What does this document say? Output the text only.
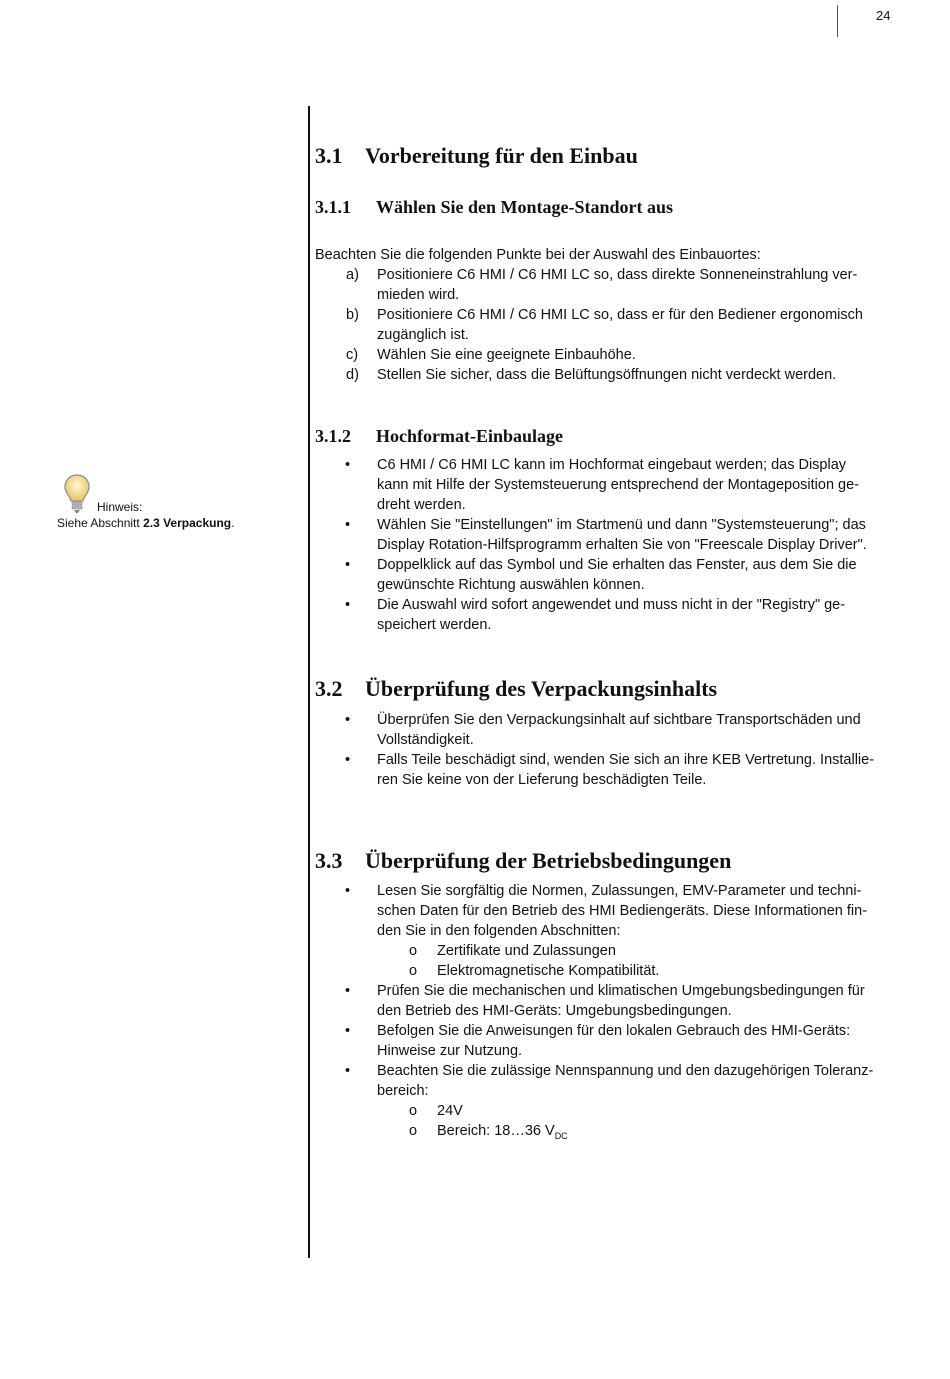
24
Hinweis:
Siehe Abschnitt 2.3 Verpackung.
3.1 Vorbereitung für den Einbau
3.1.1 Wählen Sie den Montage-Standort aus

Beachten Sie die folgenden Punkte bei der Auswahl des Einbauortes:

a) Positioniere C6 HMI / C6 HMI LC so, dass direkte Sonneneinstrahlung ver-
mieden wird.
b) Positioniere C6 HMI / C6 HMI LC so, dass er für den Bediener ergonomisch
zugänglich ist.
c) Wählen Sie eine geeignete Einbauhöhe.
d) Stellen Sie sicher, dass die Belüftungsöffnungen nicht verdeckt werden.
3.1.2 Hochformat-Einbaulage
• C6 HMI / C6 HMI LC kann im Hochformat eingebaut werden; das Display
kann mit Hilfe der Systemsteuerung entsprechend der Montageposition ge-
dreht werden.
• Wählen Sie "Einstellungen" im Startmenü und dann "Systemsteuerung"; das
Display Rotation-Hilfsprogramm erhalten Sie von "Freescale Display Driver".
• Doppelklick auf das Symbol und Sie erhalten das Fenster, aus dem Sie die
gewünschte Richtung auswählen können.
• Die Auswahl wird sofort angewendet und muss nicht in der "Registry" ge-
speichert werden.
3.2 Überprüfung des Verpackungsinhalts
• Überprüfen Sie den Verpackungsinhalt auf sichtbare Transportschäden und
Vollständigkeit.
• Falls Teile beschädigt sind, wenden Sie sich an ihre KEB Vertretung. Installie-
ren Sie keine von der Lieferung beschädigten Teile.
3.3 Überprüfung der Betriebsbedingungen
• Lesen Sie sorgfältig die Normen, Zulassungen, EMV-Parameter und techni-
schen Daten für den Betrieb des HMI Bediengeräts. Diese Informationen fin-
den Sie in den folgenden Abschnitten:
o Zertifikate und Zulassungen
o Elektromagnetische Kompatibilität.
• Prüfen Sie die mechanischen und klimatischen Umgebungsbedingungen für
den Betrieb des HMI-Geräts: Umgebungsbedingungen.
• Befolgen Sie die Anweisungen für den lokalen Gebrauch des HMI-Geräts:
Hinweise zur Nutzung.
• Beachten Sie die zulässige Nennspannung und den dazugehörigen Toleranz-
bereich:
o 24V
o Bereich: 18…36 $V_{DC}$
